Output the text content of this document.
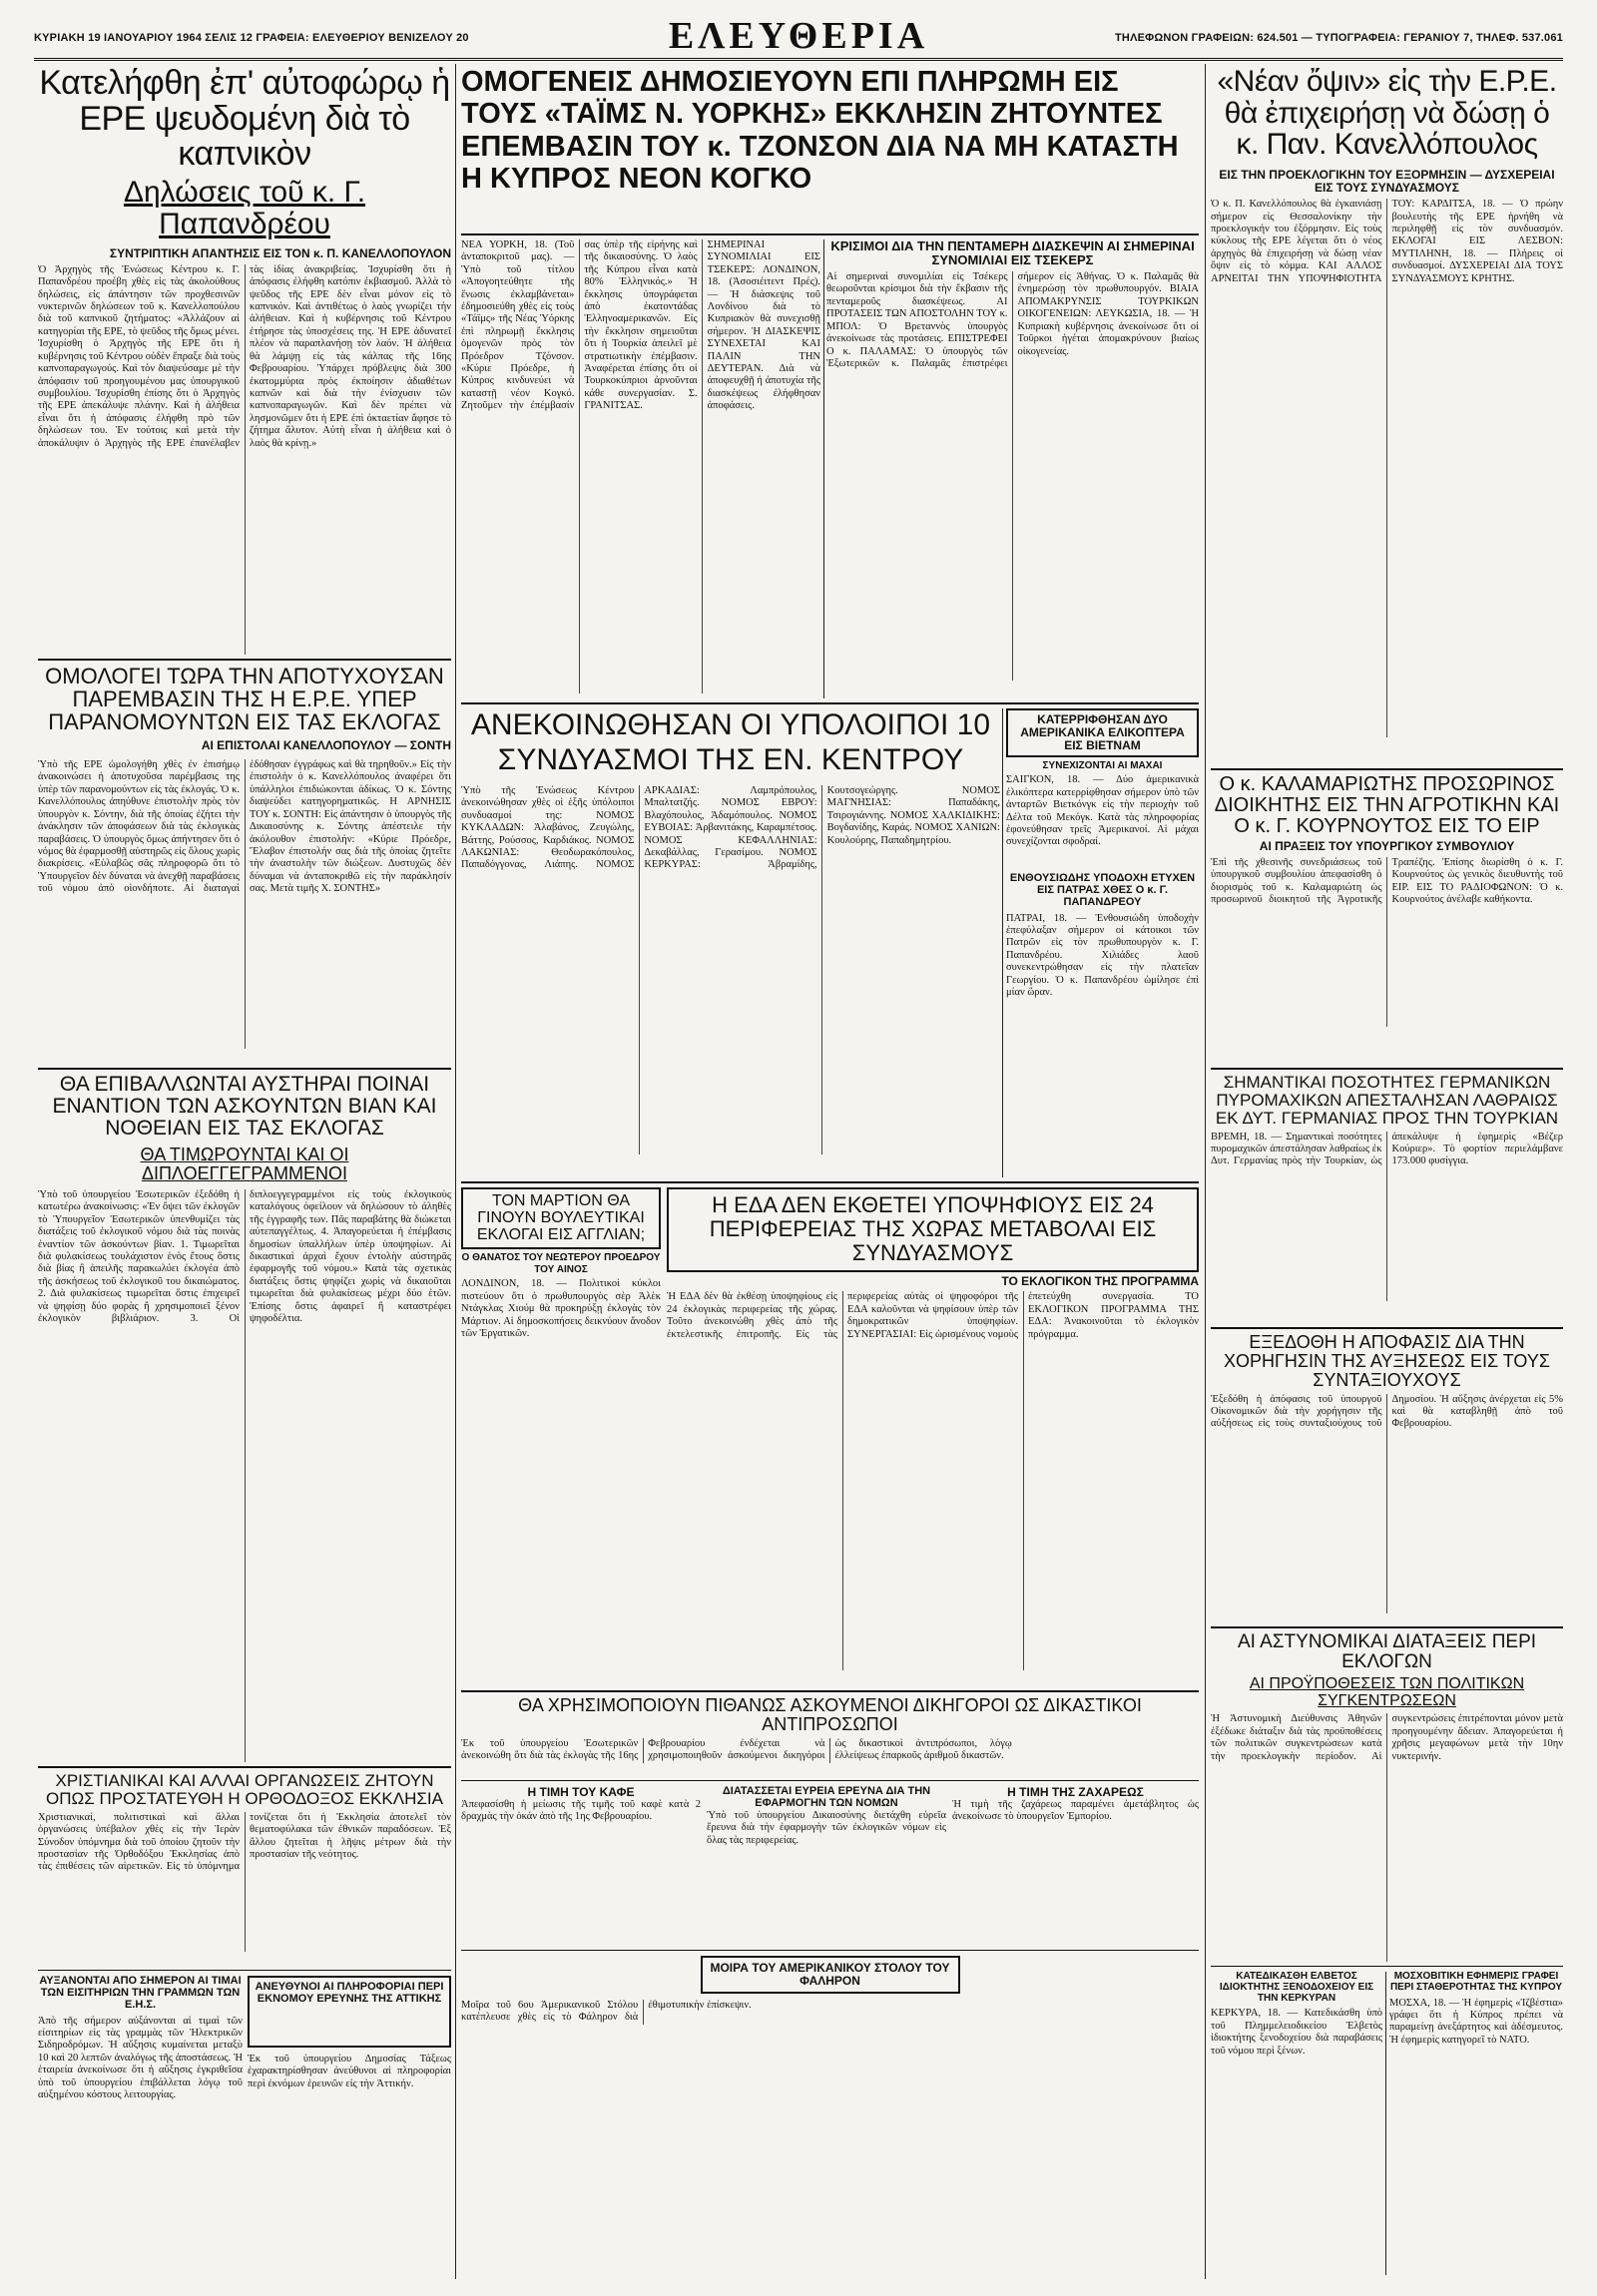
ΚΥΡΙΑΚΗ 19 ΙΑΝΟΥΑΡΙΟΥ 1964 ΣΕΛΙΣ 12 ΓΡΑΦΕΙΑ: ΕΛΕΥΘΕΡΙΟΥ ΒΕΝΙΖΕΛΟΥ 20	ΕΛΕΥΘΕΡΙΑ	ΤΗΛΕΦΩΝΟΝ ΓΡΑΦΕΙΩΝ: 624.501 — ΤΥΠΟΓΡΑΦΕΙΑ: ΓΕΡΑΝΙΟΥ 7, ΤΗΛΕΦ. 537.061
Κατελήφθη ἐπ' αὐτοφώρῳ ἡ ΕΡΕ ψευδομένη διὰ τὸ καπνικὸν
Δηλώσεις τοῦ κ. Γ. Παπανδρέου
ΣΥΝΤΡΙΠΤΙΚΗ ΑΠΑΝΤΗΣΙΣ ΕΙΣ ΤΟΝ κ. Π. ΚΑΝΕΛΛΟΠΟΥΛΟΝ

Ὁ Ἀρχηγὸς τῆς Ἑνώσεως Κέντρου κ. Γ. Παπανδρέου προέβη χθὲς εἰς τὰς ἀκολούθους δηλώσεις, εἰς ἀπάντησιν τῶν προχθεσινῶν νυκτερινῶν δηλώσεων τοῦ κ. Κανελλοπούλου διὰ τοῦ καπνικοῦ ζητήματος: «Ἀλλάζουν αἱ κατηγορίαι τῆς ΕΡΕ, τὸ ψεῦδος τῆς ὅμως μένει. Ἰσχυρίσθη ὁ Ἀρχηγὸς τῆς ΕΡΕ ὅτι ἡ κυβέρνησις τοῦ Κέντρου οὐδὲν ἔπραξε διὰ τοὺς καπνοπαραγωγούς. Καὶ τὸν διαψεύσαμε μὲ τὴν ἀπόφασιν τοῦ προηγουμένου μας ὑπουργικοῦ συμβουλίου. Ἰσχυρίσθη ἐπίσης ὅτι ὁ Ἀρχηγὸς τῆς ΕΡΕ ἀπεκάλυψε πλάνην. Καὶ ἡ ἀλήθεια εἶναι ὅτι ἡ ἀπόφασις ἐλήφθη πρὸ τῶν δηλώσεων του. Ἐν τούτοις καὶ μετὰ τὴν ἀποκάλυψιν ὁ Ἀρχηγὸς τῆς ΕΡΕ ἐπανέλαβεν τὰς ἰδίας ἀνακριβείας. Ἰσχυρίσθη ὅτι ἡ ἀπόφασις ἐλήφθη κατόπιν ἐκβιασμοῦ. Ἀλλὰ τὸ ψεῦδος τῆς ΕΡΕ δὲν εἶναι μόνον εἰς τὸ καπνικόν. Καὶ ἀντιθέτως ὁ λαὸς γνωρίζει τὴν ἀλήθειαν. Καὶ ἡ κυβέρνησις τοῦ Κέντρου ἐτήρησε τὰς ὑποσχέσεις της. Ἡ ΕΡΕ ἀδυνατεῖ πλέον νὰ παραπλανήσῃ τὸν λαόν. Ἡ ἀλήθεια θὰ λάμψῃ εἰς τὰς κάλπας τῆς 16ης Φεβρουαρίου. Ὑπάρχει πρόβλεψις διὰ 300 ἑκατομμύρια πρὸς ἐκποίησιν ἀδιαθέτων καπνῶν καὶ διὰ τὴν ἐνίσχυσιν τῶν καπνοπαραγωγῶν. Καὶ δὲν πρέπει νὰ λησμονῶμεν ὅτι ἡ ΕΡΕ ἐπὶ ὀκταετίαν ἄφησε τὸ ζήτημα ἄλυτον. Αὐτὴ εἶναι ἡ ἀλήθεια καὶ ὁ λαὸς θὰ κρίνῃ.»

ΟΜΟΛΟΓΕΙ ΤΩΡΑ ΤΗΝ ΑΠΟΤΥΧΟΥΣΑΝ ΠΑΡΕΜΒΑΣΙΝ ΤΗΣ Η Ε.Ρ.Ε. ΥΠΕΡ ΠΑΡΑΝΟΜΟΥΝΤΩΝ ΕΙΣ ΤΑΣ ΕΚΛΟΓΑΣ
ΑΙ ΕΠΙΣΤΟΛΑΙ ΚΑΝΕΛΛΟΠΟΥΛΟΥ — ΣΟΝΤΗ

Ὑπὸ τῆς ΕΡΕ ὡμολογήθη χθὲς ἐν ἐπισήμῳ ἀνακοινώσει ἡ ἀποτυχοῦσα παρέμβασις της ὑπὲρ τῶν παρανομούντων εἰς τὰς ἐκλογάς. Ὁ κ. Κανελλόπουλος ἀπηύθυνε ἐπιστολὴν πρὸς τὸν ὑπουργὸν κ. Σόντην, διὰ τῆς ὁποίας ἐζήτει τὴν ἀνάκλησιν τῶν ἀποφάσεων διὰ τὰς ἐκλογικὰς παραβάσεις. Ὁ ὑπουργὸς ὅμως ἀπήντησεν ὅτι ὁ νόμος θὰ ἐφαρμοσθῇ αὐστηρῶς εἰς ὅλους χωρὶς διακρίσεις. «Εὐλαβῶς σᾶς πληροφορῶ ὅτι τὸ Ὑπουργεῖον δὲν δύναται νὰ ἀνεχθῇ παραβάσεις τοῦ νόμου ἀπὸ οἱονδήποτε. Αἱ διαταγαὶ ἐδόθησαν ἐγγράφως καὶ θὰ τηρηθοῦν.» Εἰς τὴν ἐπιστολὴν ὁ κ. Κανελλόπουλος ἀναφέρει ὅτι ὑπάλληλοι ἐπιδιώκονται ἀδίκως. Ὁ κ. Σόντης διαψεύδει κατηγορηματικῶς. Η ΑΡΝΗΣΙΣ ΤΟΥ κ. ΣΟΝΤΗ: Εἰς ἀπάντησιν ὁ ὑπουργὸς τῆς Δικαιοσύνης κ. Σόντης ἀπέστειλε τὴν ἀκόλουθον ἐπιστολήν: «Κύριε Πρόεδρε, Ἔλαβον ἐπιστολήν σας διὰ τῆς ὁποίας ζητεῖτε τὴν ἀναστολὴν τῶν διώξεων. Δυστυχῶς δὲν δύναμαι νὰ ἀνταποκριθῶ εἰς τὴν παράκλησίν σας. Μετὰ τιμῆς Χ. ΣΟΝΤΗΣ»

ΘΑ ΕΠΙΒΑΛΛΩΝΤΑΙ ΑΥΣΤΗΡΑΙ ΠΟΙΝΑΙ ΕΝΑΝΤΙΟΝ ΤΩΝ ΑΣΚΟΥΝΤΩΝ ΒΙΑΝ ΚΑΙ ΝΟΘΕΙΑΝ ΕΙΣ ΤΑΣ ΕΚΛΟΓΑΣ
ΘΑ ΤΙΜΩΡΟΥΝΤΑΙ ΚΑΙ ΟΙ ΔΙΠΛΟΕΓΓΕΓΡΑΜΜΕΝΟΙ

Ὑπὸ τοῦ ὑπουργείου Ἐσωτερικῶν ἐξεδόθη ἡ κατωτέρω ἀνακοίνωσις: «Ἐν ὄψει τῶν ἐκλογῶν τὸ Ὑπουργεῖον Ἐσωτερικῶν ὑπενθυμίζει τὰς διατάξεις τοῦ ἐκλογικοῦ νόμου διὰ τὰς ποινὰς ἐναντίον τῶν ἀσκούντων βίαν. 1. Τιμωρεῖται διὰ φυλακίσεως τουλάχιστον ἑνὸς ἔτους ὅστις διὰ βίας ἢ ἀπειλῆς παρακωλύει ἐκλογέα ἀπὸ τῆς ἀσκήσεως τοῦ ἐκλογικοῦ του δικαιώματος. 2. Διὰ φυλακίσεως τιμωρεῖται ὅστις ἐπιχειρεῖ νὰ ψηφίσῃ δύο φορὰς ἢ χρησιμοποιεῖ ξένον ἐκλογικὸν βιβλιάριον. 3. Οἱ διπλοεγγεγραμμένοι εἰς τοὺς ἐκλογικοὺς καταλόγους ὀφείλουν νὰ δηλώσουν τὸ ἀληθὲς τῆς ἐγγραφῆς των. Πᾶς παραβάτης θὰ διώκεται αὐτεπαγγέλτως. 4. Ἀπαγορεύεται ἡ ἐπέμβασις δημοσίων ὑπαλλήλων ὑπὲρ ὑποψηφίων. Αἱ δικαστικαὶ ἀρχαὶ ἔχουν ἐντολὴν αὐστηρᾶς ἐφαρμογῆς τοῦ νόμου.» Κατὰ τὰς σχετικὰς διατάξεις ὅστις ψηφίζει χωρὶς νὰ δικαιοῦται τιμωρεῖται διὰ φυλακίσεως μέχρι δύο ἐτῶν. Ἐπίσης ὅστις ἀφαιρεῖ ἢ καταστρέφει ψηφοδέλτια.

ΧΡΙΣΤΙΑΝΙΚΑΙ ΚΑΙ ΑΛΛΑΙ ΟΡΓΑΝΩΣΕΙΣ ΖΗΤΟΥΝ ΟΠΩΣ ΠΡΟΣΤΑΤΕΥΘΗ Η ΟΡΘΟΔΟΞΟΣ ΕΚΚΛΗΣΙΑ

Χριστιανικαί, πολιτιστικαὶ καὶ ἄλλαι ὀργανώσεις ὑπέβαλον χθὲς εἰς τὴν Ἱερὰν Σύνοδον ὑπόμνημα διὰ τοῦ ὁποίου ζητοῦν τὴν προστασίαν τῆς Ὀρθοδόξου Ἐκκλησίας ἀπὸ τὰς ἐπιθέσεις τῶν αἱρετικῶν. Εἰς τὸ ὑπόμνημα τονίζεται ὅτι ἡ Ἐκκλησία ἀποτελεῖ τὸν θεματοφύλακα τῶν ἐθνικῶν παραδόσεων. Ἐξ ἄλλου ζητεῖται ἡ λῆψις μέτρων διὰ τὴν προστασίαν τῆς νεότητος.

ΑΥΞΑΝΟΝΤΑΙ ΑΠΟ ΣΗΜΕΡΟΝ ΑΙ ΤΙΜΑΙ ΤΩΝ ΕΙΣΙΤΗΡΙΩΝ ΤΗΝ ΓΡΑΜΜΩΝ ΤΩΝ Ε.Η.Σ.

Ἀπὸ τῆς σήμερον αὐξάνονται αἱ τιμαὶ τῶν εἰσιτηρίων εἰς τὰς γραμμὰς τῶν Ἠλεκτρικῶν Σιδηροδρόμων. Ἡ αὔξησις κυμαίνεται μεταξὺ 10 καὶ 20 λεπτῶν ἀναλόγως τῆς ἀποστάσεως. Ἡ ἑταιρεία ἀνεκοίνωσε ὅτι ἡ αὔξησις ἐγκριθεῖσα ὑπὸ τοῦ ὑπουργείου ἐπιβάλλεται λόγῳ τοῦ αὐξημένου κόστους λειτουργίας.

ΑΝΕΥΘΥΝΟΙ ΑΙ ΠΛΗΡΟΦΟΡΙΑΙ ΠΕΡΙ ΕΚΝΟΜΟΥ ΕΡΕΥΝΗΣ ΤΗΣ ΑΤΤΙΚΗΣ

Ἐκ τοῦ ὑπουργείου Δημοσίας Τάξεως ἐχαρακτηρίσθησαν ἀνεύθυνοι αἱ πληροφορίαι περὶ ἐκνόμων ἐρευνῶν εἰς τὴν Ἀττικήν.

ΟΜΟΓΕΝΕΙΣ ΔΗΜΟΣΙΕΥΟΥΝ ΕΠΙ ΠΛΗΡΩΜΗ ΕΙΣ ΤΟΥΣ «ΤΑΪΜΣ Ν. ΥΟΡΚΗΣ» ΕΚΚΛΗΣΙΝ ΖΗΤΟΥΝΤΕΣ ΕΠΕΜΒΑΣΙΝ ΤΟΥ κ. ΤΖΟΝΣΟΝ ΔΙΑ ΝΑ ΜΗ ΚΑΤΑΣΤΗ Η ΚΥΠΡΟΣ ΝΕΟΝ ΚΟΓΚΟ

ΝΕΑ ΥΟΡΚΗ, 18. (Τοῦ ἀνταποκριτοῦ μας). — Ὑπὸ τοῦ τίτλου «Ἀπογοητεύθητε τῆς ἕνωσις ἐκλαμβάνεται» ἐδημοσιεύθη χθὲς εἰς τοὺς «Τάϊμς» τῆς Νέας Ὑόρκης ἐπὶ πληρωμῇ ἔκκλησις ὁμογενῶν πρὸς τὸν Πρόεδρον Τζόνσον. «Κύριε Πρόεδρε, ἡ Κύπρος κινδυνεύει νὰ καταστῇ νέον Κογκό. Ζητοῦμεν τὴν ἐπέμβασίν σας ὑπὲρ τῆς εἰρήνης καὶ τῆς δικαιοσύνης. Ὁ λαὸς τῆς Κύπρου εἶναι κατὰ 80% Ἑλληνικός.» Ἡ ἔκκλησις ὑπογράφεται ἀπὸ ἑκατοντάδας Ἑλληνοαμερικανῶν. Εἰς τὴν ἔκκλησιν σημειοῦται ὅτι ἡ Τουρκία ἀπειλεῖ μὲ στρατιωτικὴν ἐπέμβασιν. Ἀναφέρεται ἐπίσης ὅτι οἱ Τουρκοκύπριοι ἀρνοῦνται κάθε συνεργασίαν. Σ. ΓΡΑΝΙΤΣΑΣ. ΣΗΜΕΡΙΝΑΙ ΣΥΝΟΜΙΛΙΑΙ ΕΙΣ ΤΣΕΚΕΡΣ: ΛΟΝΔΙΝΟΝ, 18. (Ἀσοσιέιτεντ Πρές). — Ἡ διάσκεψις τοῦ Λονδίνου διὰ τὸ Κυπριακὸν θὰ συνεχισθῇ σήμερον. Ἡ ΔΙΑΣΚΕΨΙΣ ΣΥΝΕΧΕΤΑΙ ΚΑΙ ΠΑΛΙΝ ΤΗΝ ΔΕΥΤΕΡΑΝ. Διὰ νὰ ἀποφευχθῇ ἡ ἀποτυχία τῆς διασκέψεως ἐλήφθησαν ἀποφάσεις.

ΚΡΙΣΙΜΟΙ ΔΙΑ ΤΗΝ ΠΕΝΤΑΜΕΡΗ ΔΙΑΣΚΕΨΙΝ ΑΙ ΣΗΜΕΡΙΝΑΙ ΣΥΝΟΜΙΛΙΑΙ ΕΙΣ ΤΣΕΚΕΡΣ

Αἱ σημεριναὶ συνομιλίαι εἰς Τσέκερς θεωροῦνται κρίσιμοι διὰ τὴν ἔκβασιν τῆς πενταμεροῦς διασκέψεως. ΑΙ ΠΡΟΤΑΣΕΙΣ ΤΩΝ ΑΠΟΣΤΟΛΗΝ ΤΟΥ κ. ΜΠΟΛ: Ὁ Βρεταννὸς ὑπουργὸς ἀνεκοίνωσε τὰς προτάσεις. ΕΠΙΣΤΡΕΦΕΙ Ο κ. ΠΑΛΑΜΑΣ: Ὁ ὑπουργὸς τῶν Ἐξωτερικῶν κ. Παλαμᾶς ἐπιστρέφει σήμερον εἰς Ἀθήνας. Ὁ κ. Παλαμᾶς θὰ ἐνημερώσῃ τὸν πρωθυπουργόν. ΒΙΑΙΑ ΑΠΟΜΑΚΡΥΝΣΙΣ ΤΟΥΡΚΙΚΩΝ ΟΙΚΟΓΕΝΕΙΩΝ: ΛΕΥΚΩΣΙΑ, 18. — Ἡ Κυπριακὴ κυβέρνησις ἀνεκοίνωσε ὅτι οἱ Τοῦρκοι ἡγέται ἀπομακρύνουν βιαίως οἰκογενείας.

ΑΝΕΚΟΙΝΩΘΗΣΑΝ ΟΙ ΥΠΟΛΟΙΠΟΙ 10 ΣΥΝΔΥΑΣΜΟΙ ΤΗΣ ΕΝ. ΚΕΝΤΡΟΥ

Ὑπὸ τῆς Ἑνώσεως Κέντρου ἀνεκοινώθησαν χθὲς οἱ ἑξῆς ὑπόλοιποι συνδυασμοί της: ΝΟΜΟΣ ΚΥΚΛΑΔΩΝ: Ἀλαβάνος, Ζευγώλης, Βάττης, Ρούσσος, Καρδιάκος. ΝΟΜΟΣ ΛΑΚΩΝΙΑΣ: Θεοδωρακόπουλος, Παπαδόγγονας, Λιάπης. ΝΟΜΟΣ ΑΡΚΑΔΙΑΣ: Λαμπρόπουλος, Μπαλτατζής. ΝΟΜΟΣ ΕΒΡΟΥ: Βλαχόπουλος, Ἀδαμόπουλος. ΝΟΜΟΣ ΕΥΒΟΙΑΣ: Ἀρβανιτάκης, Καραμπέτσος. ΝΟΜΟΣ ΚΕΦΑΛΛΗΝΙΑΣ: Δεκαβάλλας, Γερασίμου. ΝΟΜΟΣ ΚΕΡΚΥΡΑΣ: Ἀβραμίδης, Κουτσογεώργης. ΝΟΜΟΣ ΜΑΓΝΗΣΙΑΣ: Παπαδάκης, Τσιρογιάννης. ΝΟΜΟΣ ΧΑΛΚΙΔΙΚΗΣ: Βογδανίδης, Καράς. ΝΟΜΟΣ ΧΑΝΙΩΝ: Κουλούρης, Παπαδημητρίου.

ΚΑΤΕΡΡΙΦΘΗΣΑΝ ΔΥΟ ΑΜΕΡΙΚΑΝΙΚΑ ΕΛΙΚΟΠΤΕΡΑ ΕΙΣ ΒΙΕΤΝΑΜ
ΣΥΝΕΧΙΖΟΝΤΑΙ ΑΙ ΜΑΧΑΙ

ΣΑΙΓΚΟΝ, 18. — Δύο ἀμερικανικὰ ἑλικόπτερα κατερρίφθησαν σήμερον ὑπὸ τῶν ἀνταρτῶν Βιετκόνγκ εἰς τὴν περιοχὴν τοῦ Δέλτα τοῦ Μεκόγκ. Κατὰ τὰς πληροφορίας ἐφονεύθησαν τρεῖς Ἀμερικανοί. Αἱ μάχαι συνεχίζονται σφοδραί.

ΕΝΘΟΥΣΙΩΔΗΣ ΥΠΟΔΟΧΗ ΕΤΥΧΕΝ ΕΙΣ ΠΑΤΡΑΣ ΧΘΕΣ Ο κ. Γ. ΠΑΠΑΝΔΡΕΟΥ

ΠΑΤΡΑΙ, 18. — Ἐνθουσιώδη ὑποδοχὴν ἐπεφύλαξαν σήμερον οἱ κάτοικοι τῶν Πατρῶν εἰς τὸν πρωθυπουργὸν κ. Γ. Παπανδρέου. Χιλιάδες λαοῦ συνεκεντρώθησαν εἰς τὴν πλατεῖαν Γεωργίου. Ὁ κ. Παπανδρέου ὡμίλησε ἐπὶ μίαν ὥραν.

ΤΟΝ ΜΑΡΤΙΟΝ ΘΑ ΓΙΝΟΥΝ ΒΟΥΛΕΥΤΙΚΑΙ ΕΚΛΟΓΑΙ ΕΙΣ ΑΓΓΛΙΑΝ;
Ο ΘΑΝΑΤΟΣ ΤΟΥ ΝΕΩΤΕΡΟΥ ΠΡΟΕΔΡΟΥ ΤΟΥ ΑΙΝΟΣ

ΛΟΝΔΙΝΟΝ, 18. — Πολιτικοὶ κύκλοι πιστεύουν ὅτι ὁ πρωθυπουργὸς σὲρ Ἀλὲκ Ντάγκλας Χιούμ θὰ προκηρύξῃ ἐκλογὰς τὸν Μάρτιον. Αἱ δημοσκοπήσεις δεικνύουν ἄνοδον τῶν Ἐργατικῶν.

Η ΕΔΑ ΔΕΝ ΕΚΘΕΤΕΙ ΥΠΟΨΗΦΙΟΥΣ ΕΙΣ 24 ΠΕΡΙΦΕΡΕΙΑΣ ΤΗΣ ΧΩΡΑΣ ΜΕΤΑΒΟΛΑΙ ΕΙΣ ΣΥΝΔΥΑΣΜΟΥΣ
ΤΟ ΕΚΛΟΓΙΚΟΝ ΤΗΣ ΠΡΟΓΡΑΜΜΑ

Ἡ ΕΔΑ δὲν θὰ ἐκθέσῃ ὑποψηφίους εἰς 24 ἐκλογικὰς περιφερείας τῆς χώρας. Τοῦτο ἀνεκοινώθη χθὲς ἀπὸ τῆς ἐκτελεστικῆς ἐπιτροπῆς. Εἰς τὰς περιφερείας αὐτὰς οἱ ψηφοφόροι τῆς ΕΔΑ καλοῦνται νὰ ψηφίσουν ὑπὲρ τῶν δημοκρατικῶν ὑποψηφίων. ΣΥΝΕΡΓΑΣΙΑΙ: Εἰς ὡρισμένους νομοὺς ἐπετεύχθη συνεργασία. ΤΟ ΕΚΛΟΓΙΚΟΝ ΠΡΟΓΡΑΜΜΑ ΤΗΣ ΕΔΑ: Ἀνακοινοῦται τὸ ἐκλογικὸν πρόγραμμα.

ΘΑ ΧΡΗΣΙΜΟΠΟΙΟΥΝ ΠΙΘΑΝΩΣ ΑΣΚΟΥΜΕΝΟΙ ΔΙΚΗΓΟΡΟΙ ΩΣ ΔΙΚΑΣΤΙΚΟΙ ΑΝΤΙΠΡΟΣΩΠΟΙ

Ἐκ τοῦ ὑπουργείου Ἐσωτερικῶν ἀνεκοινώθη ὅτι διὰ τὰς ἐκλογὰς τῆς 16ης Φεβρουαρίου ἐνδέχεται νὰ χρησιμοποιηθοῦν ἀσκούμενοι δικηγόροι ὡς δικαστικοὶ ἀντιπρόσωποι, λόγῳ ἐλλείψεως ἐπαρκοῦς ἀριθμοῦ δικαστῶν.

Η ΤΙΜΗ ΤΟΥ ΚΑΦΕ

Ἀπεφασίσθη ἡ μείωσις τῆς τιμῆς τοῦ καφὲ κατὰ 2 δραχμὰς τὴν ὀκάν ἀπὸ τῆς 1ης Φεβρουαρίου.

ΔΙΑΤΑΣΣΕΤΑΙ ΕΥΡΕΙΑ ΕΡΕΥΝΑ ΔΙΑ ΤΗΝ ΕΦΑΡΜΟΓΗΝ ΤΩΝ ΝΟΜΩΝ

Ὑπὸ τοῦ ὑπουργείου Δικαιοσύνης διετάχθη εὐρεῖα ἔρευνα διὰ τὴν ἐφαρμογὴν τῶν ἐκλογικῶν νόμων εἰς ὅλας τὰς περιφερείας.

Η ΤΙΜΗ ΤΗΣ ΖΑΧΑΡΕΩΣ

Ἡ τιμὴ τῆς ζαχάρεως παραμένει ἀμετάβλητος ὡς ἀνεκοίνωσε τὸ ὑπουργεῖον Ἐμπορίου.

ΜΟΙΡΑ ΤΟΥ ΑΜΕΡΙΚΑΝΙΚΟΥ ΣΤΟΛΟΥ ΤΟΥ ΦΑΛΗΡΟΝ

Μοῖρα τοῦ 6ου Ἀμερικανικοῦ Στόλου κατέπλευσε χθὲς εἰς τὸ Φάληρον διὰ ἐθιμοτυπικὴν ἐπίσκεψιν.

«Νέαν ὄψιν» εἰς τὴν Ε.Ρ.Ε. θὰ ἐπιχειρήσῃ νὰ δώσῃ ὁ κ. Παν. Κανελλόπουλος
ΕΙΣ ΤΗΝ ΠΡΟΕΚΛΟΓΙΚΗΝ ΤΟΥ ΕΞΟΡΜΗΣΙΝ — ΔΥΣΧΕΡΕΙΑΙ ΕΙΣ ΤΟΥΣ ΣΥΝΔΥΑΣΜΟΥΣ

Ὁ κ. Π. Κανελλόπουλος θὰ ἐγκαινιάσῃ σήμερον εἰς Θεσσαλονίκην τὴν προεκλογικήν του ἐξόρμησιν. Εἰς τοὺς κύκλους τῆς ΕΡΕ λέγεται ὅτι ὁ νέος ἀρχηγὸς θὰ ἐπιχειρήσῃ νὰ δώσῃ νέαν ὄψιν εἰς τὸ κόμμα. ΚΑΙ ΑΛΛΟΣ ΑΡΝΕΙΤΑΙ ΤΗΝ ΥΠΟΨΗΦΙΟΤΗΤΑ ΤΟΥ: ΚΑΡΔΙΤΣΑ, 18. — Ὁ πρώην βουλευτὴς τῆς ΕΡΕ ἠρνήθη νὰ περιληφθῇ εἰς τὸν συνδυασμόν. ΕΚΛΟΓΑΙ ΕΙΣ ΛΕΣΒΟΝ: ΜΥΤΙΛΗΝΗ, 18. — Πλήρεις οἱ συνδυασμοί. ΔΥΣΧΕΡΕΙΑΙ ΔΙΑ ΤΟΥΣ ΣΥΝΔΥΑΣΜΟΥΣ ΚΡΗΤΗΣ.

Ο κ. ΚΑΛΑΜΑΡΙΩΤΗΣ ΠΡΟΣΩΡΙΝΟΣ ΔΙΟΙΚΗΤΗΣ ΕΙΣ ΤΗΝ ΑΓΡΟΤΙΚΗΝ ΚΑΙ Ο κ. Γ. ΚΟΥΡΝΟΥΤΟΣ ΕΙΣ ΤΟ ΕΙΡ
ΑΙ ΠΡΑΞΕΙΣ ΤΟΥ ΥΠΟΥΡΓΙΚΟΥ ΣΥΜΒΟΥΛΙΟΥ

Ἐπὶ τῆς χθεσινῆς συνεδριάσεως τοῦ ὑπουργικοῦ συμβουλίου ἀπεφασίσθη ὁ διορισμὸς τοῦ κ. Καλαμαριώτη ὡς προσωρινοῦ διοικητοῦ τῆς Ἀγροτικῆς Τραπέζης. Ἐπίσης διωρίσθη ὁ κ. Γ. Κουρνούτος ὡς γενικὸς διευθυντὴς τοῦ ΕΙΡ. ΕΙΣ ΤΟ ΡΑΔΙΟΦΩΝΟΝ: Ὁ κ. Κουρνούτος ἀνέλαβε καθήκοντα.

ΣΗΜΑΝΤΙΚΑΙ ΠΟΣΟΤΗΤΕΣ ΓΕΡΜΑΝΙΚΩΝ ΠΥΡΟΜΑΧΙΚΩΝ ΑΠΕΣΤΑΛΗΣΑΝ ΛΑΘΡΑΙΩΣ ΕΚ ΔΥΤ. ΓΕΡΜΑΝΙΑΣ ΠΡΟΣ ΤΗΝ ΤΟΥΡΚΙΑΝ

ΒΡΕΜΗ, 18. — Σημαντικαὶ ποσότητες πυρομαχικῶν ἀπεστάλησαν λαθραίως ἐκ Δυτ. Γερμανίας πρὸς τὴν Τουρκίαν, ὡς ἀπεκάλυψε ἡ ἐφημερὶς «Βέζερ Κούριερ». Τὸ φορτίον περιελάμβανε 173.000 φυσίγγια.

ΕΞΕΔΟΘΗ Η ΑΠΟΦΑΣΙΣ ΔΙΑ ΤΗΝ ΧΟΡΗΓΗΣΙΝ ΤΗΣ ΑΥΞΗΣΕΩΣ ΕΙΣ ΤΟΥΣ ΣΥΝΤΑΞΙΟΥΧΟΥΣ

Ἐξεδόθη ἡ ἀπόφασις τοῦ ὑπουργοῦ Οἰκονομικῶν διὰ τὴν χορήγησιν τῆς αὐξήσεως εἰς τοὺς συνταξιούχους τοῦ Δημοσίου. Ἡ αὔξησις ἀνέρχεται εἰς 5% καὶ θὰ καταβληθῇ ἀπὸ τοῦ Φεβρουαρίου.

ΑΙ ΑΣΤΥΝΟΜΙΚΑΙ ΔΙΑΤΑΞΕΙΣ ΠΕΡΙ ΕΚΛΟΓΩΝ
ΑΙ ΠΡΟΫΠΟΘΕΣΕΙΣ ΤΩΝ ΠΟΛΙΤΙΚΩΝ ΣΥΓΚΕΝΤΡΩΣΕΩΝ

Ἡ Ἀστυνομικὴ Διεύθυνσις Ἀθηνῶν ἐξέδωκε διάταξιν διὰ τὰς προϋποθέσεις τῶν πολιτικῶν συγκεντρώσεων κατὰ τὴν προεκλογικὴν περίοδον. Αἱ συγκεντρώσεις ἐπιτρέπονται μόνον μετὰ προηγουμένην ἄδειαν. Ἀπαγορεύεται ἡ χρῆσις μεγαφώνων μετὰ τὴν 10ην νυκτερινήν.

ΚΑΤΕΔΙΚΑΣΘΗ ΕΛΒΕΤΟΣ ΙΔΙΟΚΤΗΤΗΣ ΞΕΝΟΔΟΧΕΙΟΥ ΕΙΣ ΤΗΝ ΚΕΡΚΥΡΑΝ

ΚΕΡΚΥΡΑ, 18. — Κατεδικάσθη ὑπὸ τοῦ Πλημμελειοδικείου Ἑλβετὸς ἰδιοκτήτης ξενοδοχείου διὰ παραβάσεις τοῦ νόμου περὶ ξένων.

ΜΟΣΧΟΒΙΤΙΚΗ ΕΦΗΜΕΡΙΣ ΓΡΑΦΕΙ ΠΕΡΙ ΣΤΑΘΕΡΟΤΗΤΑΣ ΤΗΣ ΚΥΠΡΟΥ

ΜΟΣΧΑ, 18. — Ἡ ἐφημερὶς «Ἰζβέστια» γράφει ὅτι ἡ Κύπρος πρέπει νὰ παραμείνῃ ἀνεξάρτητος καὶ ἀδέσμευτος. Ἡ ἐφημερὶς κατηγορεῖ τὸ ΝΑΤΟ.
